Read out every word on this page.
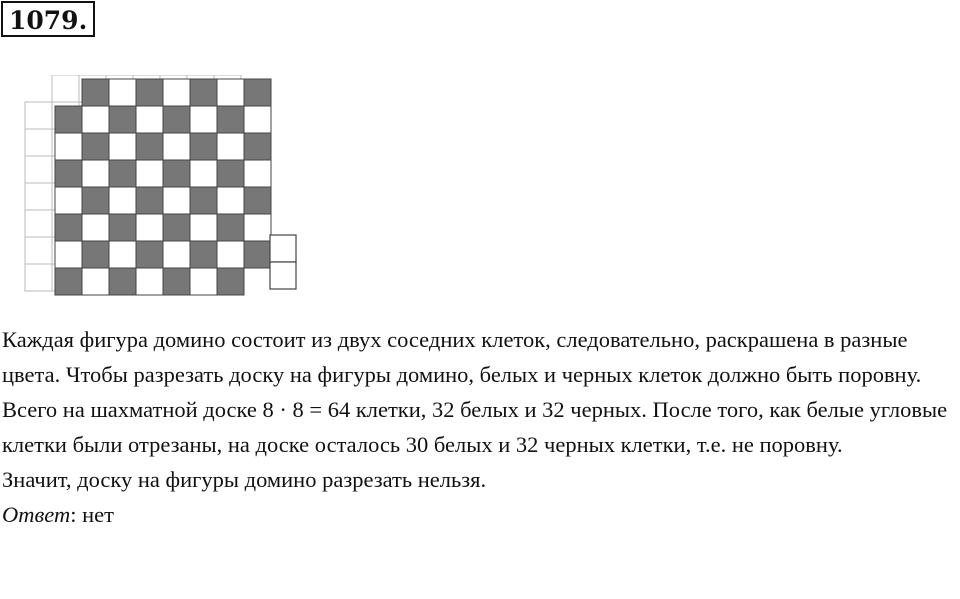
1079.

Каждая фигура домино состоит из двух соседних клеток, следовательно, раскрашена в разные цвета. Чтобы разрезать доску на фигуры домино, белых и черных клеток должно быть поровну.

Всего на шахматной доске 8 · 8 = 64 клетки, 32 белых и 32 черных. После того, как белые угловые клетки были отрезаны, на доске осталось 30 белых и 32 черных клетки, т.е. не поровну.

Значит, доску на фигуры домино разрезать нельзя.

Ответ: нет
